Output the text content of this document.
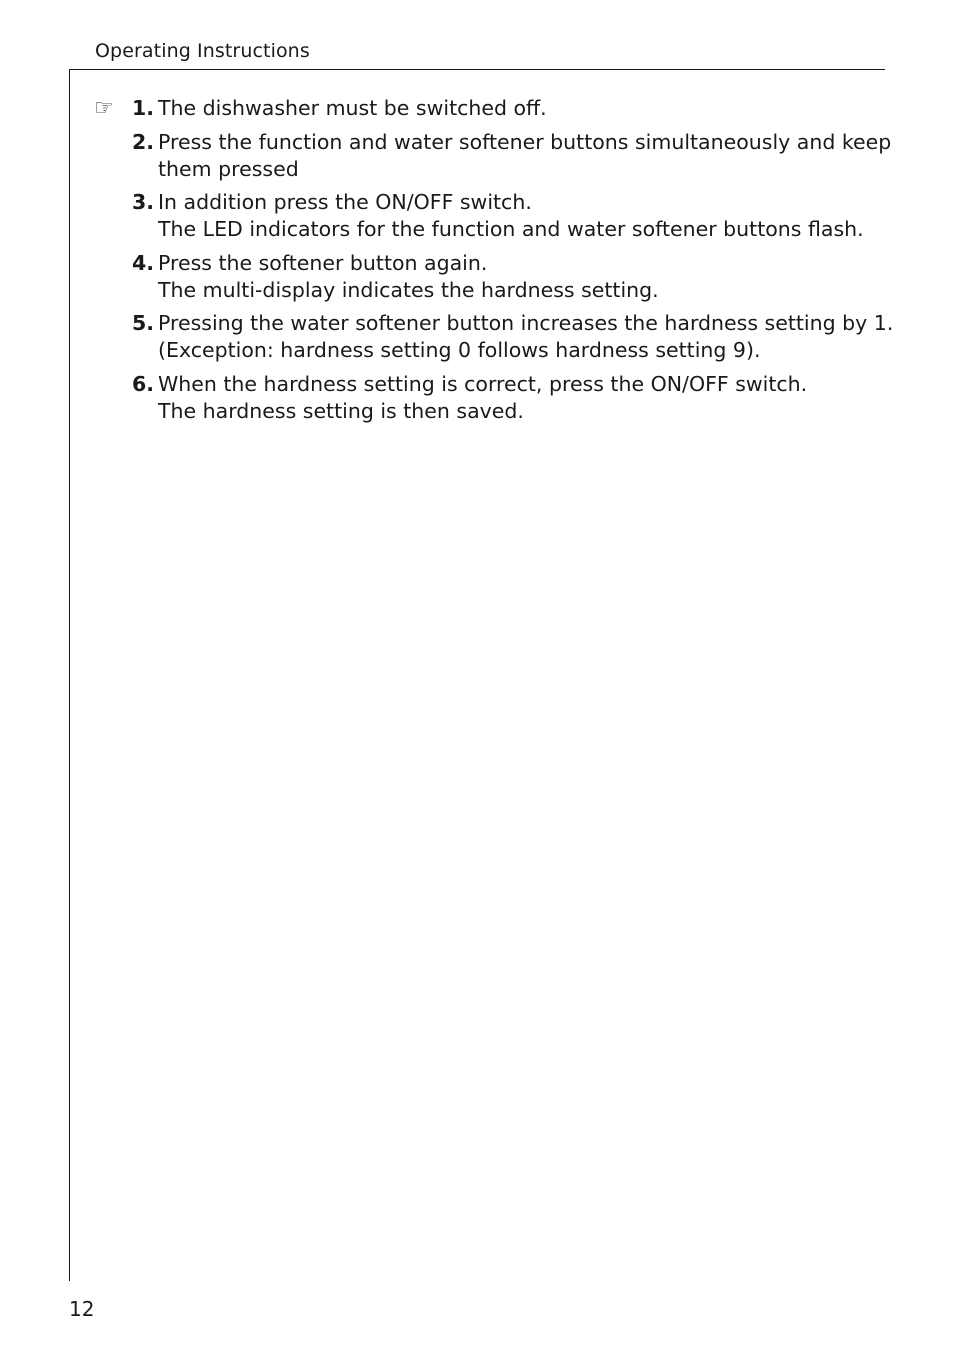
Operating Instructions
☞ 1. The dishwasher must be switched off.
2. Press the function and water softener buttons simultaneously and keep
them pressed
3. In addition press the ON/OFF switch.
The LED indicators for the function and water softener buttons flash.
4. Press the softener button again.
The multi-display indicates the hardness setting.
5. Pressing the water softener button increases the hardness setting by 1.
(Exception: hardness setting 0 follows hardness setting 9).
6. When the hardness setting is correct, press the ON/OFF switch.
The hardness setting is then saved.
12
